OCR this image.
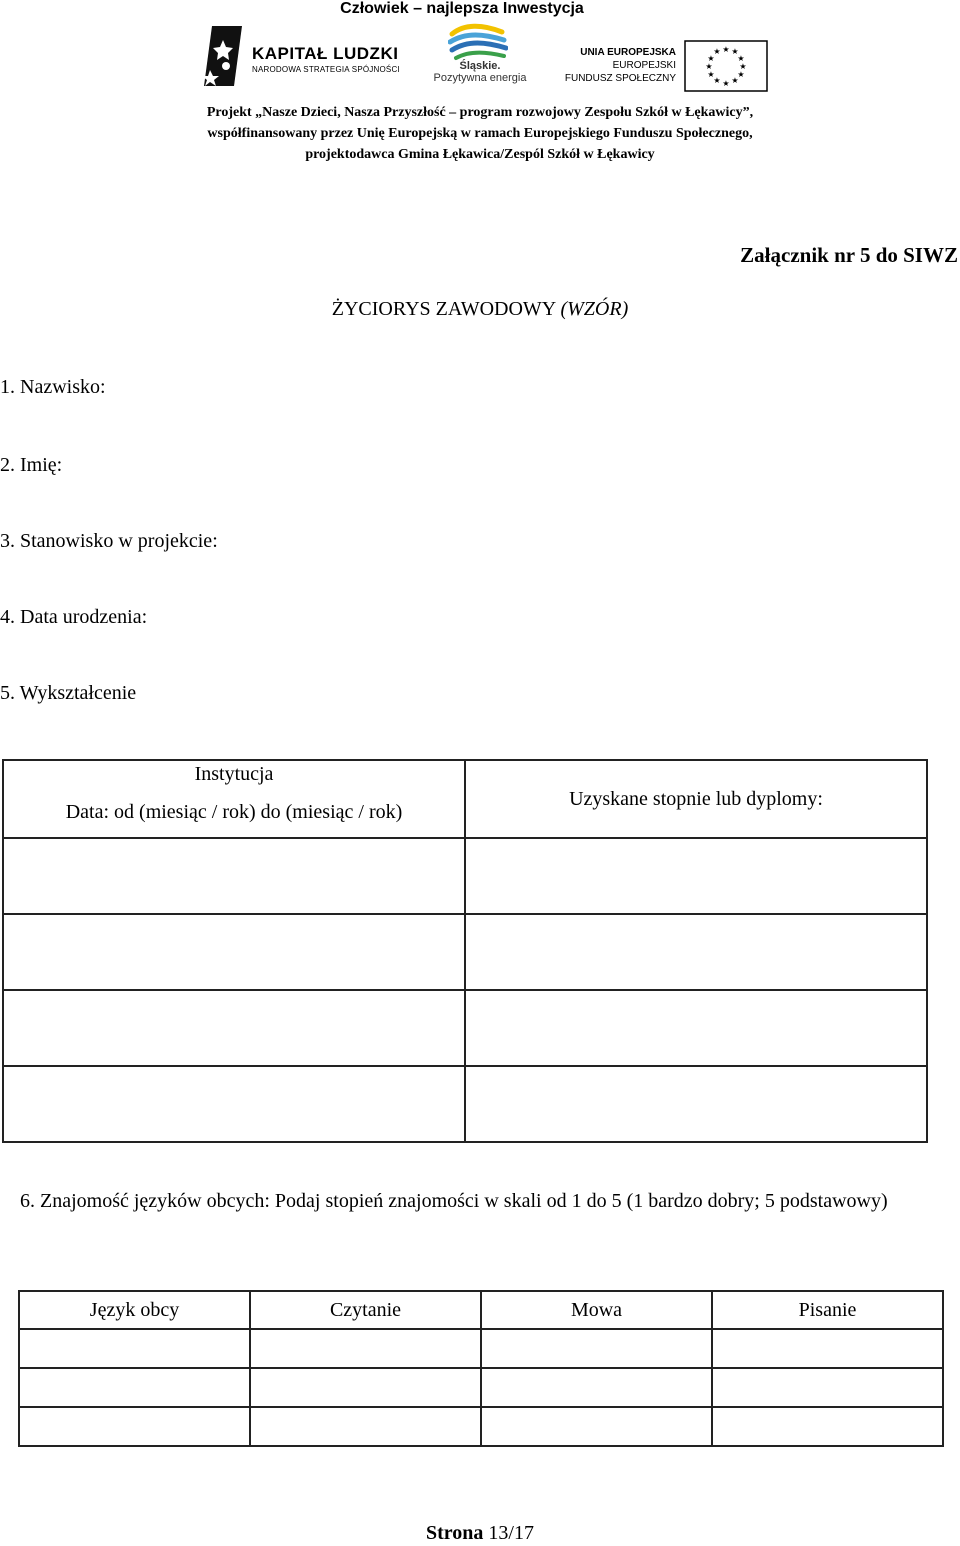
Człowiek – najlepsza Inwestycja
KAPITAŁ LUDZKI
NARODOWA STRATEGIA SPÓJNOŚCI	Śląskie.
Pozytywna energia
UNIA EUROPEJSKA
EUROPEJSKI
FUNDUSZ SPOŁECZNY
★ ★
★
★
★
★
★
★
★
★
★
★
Projekt „Nasze Dzieci, Nasza Przyszłość – program rozwojowy Zespołu Szkół w Łękawicy”,
współfinansowany przez Unię Europejską w ramach Europejskiego Funduszu Społecznego,
projektodawca Gmina Łękawica/Zespól Szkół w Łękawicy
Załącznik nr 5 do SIWZ
ŻYCIORYS ZAWODOWY (WZÓR)
1. Nazwisko:
2. Imię:
3. Stanowisko w projekcie:
4. Data urodzenia:
5. Wykształcenie
Instytucja
Data: od (miesiąc / rok) do (miesiąc / rok)	Uzyskane stopnie lub dyplomy:

6. Znajomość języków obcych: Podaj stopień znajomości w skali od 1 do 5 (1 bardzo dobry; 5 podstawowy)
Język obcy	Czytanie	Mowa	Pisanie

Strona 13/17
